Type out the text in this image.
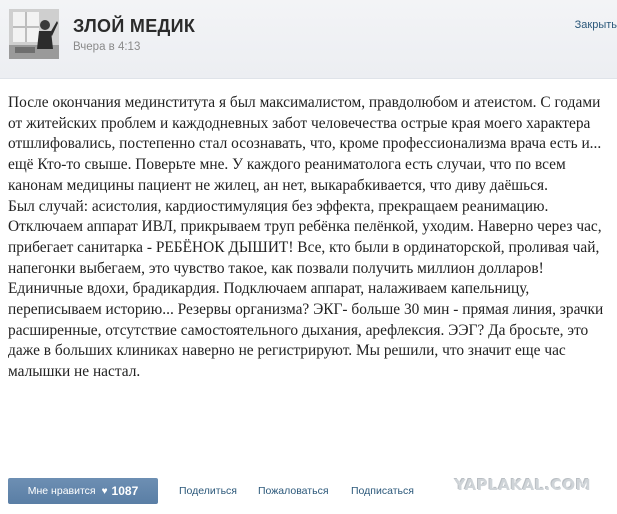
ЗЛОЙ МЕДИК
Вчера в 4:13
Закрыть

После окончания мединститута я был максималистом, правдолюбом и атеистом. С годами от житейских проблем и каждодневных забот человечества острые края моего характера отшлифовались, постепенно стал осознавать, что, кроме профессионализма врача есть и... ещё Кто-то свыше. Поверьте мне. У каждого реаниматолога есть случаи, что по всем канонам медицины пациент не жилец, ан нет, выкарабкивается, что диву даёшься.
Был случай: асистолия, кардиостимуляция без эффекта, прекращаем реанимацию. Отключаем аппарат ИВЛ, прикрываем труп ребёнка пелёнкой, уходим. Наверно через час, прибегает санитарка - РЕБЁНОК ДЫШИТ! Все, кто были в ординаторской, проливая чай, напегонки выбегаем, это чувство такое, как позвали получить миллион долларов! Единичные вдохи, брадикардия. Подключаем аппарат, налаживаем капельницу, переписываем историю... Резервы организма? ЭКГ- больше 30 мин - прямая линия, зрачки расширенные, отсутствие самостоятельного дыхания, арефлексия. ЭЭГ? Да бросьте, это даже в больших клиниках наверно не регистрируют. Мы решили, что значит еще час малышки не настал.

Мне нравится ♥ 1087	Поделиться Пожаловаться Подписаться	YAPLAKAL.COM
